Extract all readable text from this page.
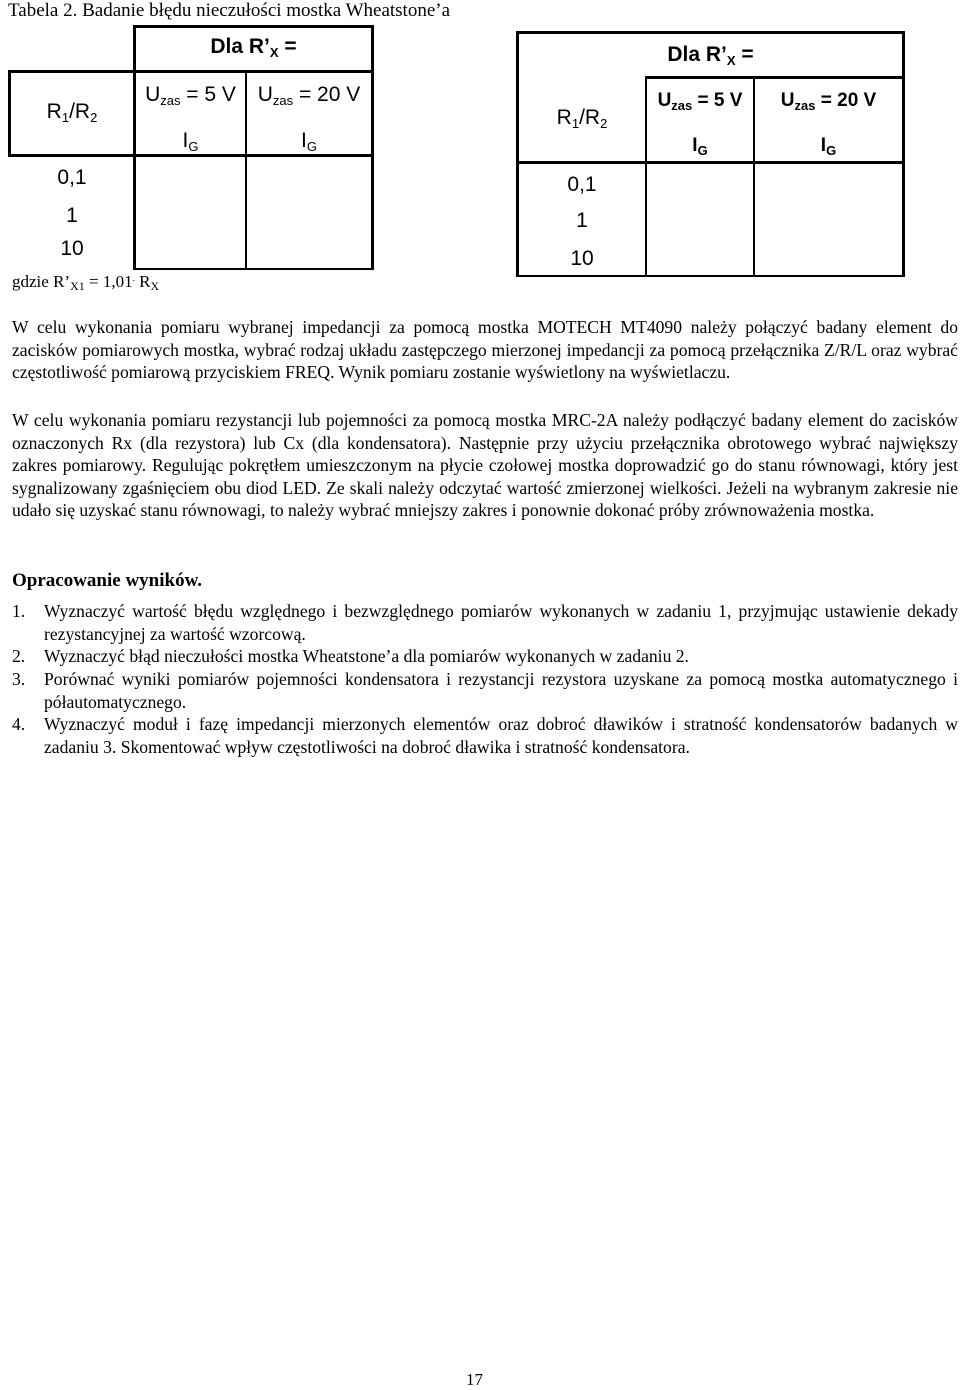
Tabela 2. Badanie błędu nieczułości mostka Wheatstone’a
Dla $R’_X$ =
$R_1/R_2$
$U_{zas} = 5$ V	$U_{zas} = 20$ V
$I_G$	$I_G$
0,1
1
10
gdzie $R’_{X1} = 1,01^.$ $R_X$
Dla $R’_X$ =
$R_1/R_2$
$U_{zas} = 5$ V	$U_{zas} = 20$ V
$I_G$	$I_G$
0,1
1
10

W celu wykonania pomiaru wybranej impedancji za pomocą mostka MOTECH MT4090 należy połączyć badany element do zacisków pomiarowych mostka, wybrać rodzaj układu zastępczego mierzonej impedancji za pomocą przełącznika Z/R/L oraz wybrać częstotliwość pomiarową przyciskiem FREQ. Wynik pomiaru zostanie wyświetlony na wyświetlaczu.

W celu wykonania pomiaru rezystancji lub pojemności za pomocą mostka MRC-2A należy podłączyć badany element do zacisków oznaczonych Rx (dla rezystora) lub Cx (dla kondensatora). Następnie przy użyciu przełącznika obrotowego wybrać największy zakres pomiarowy. Regulując pokrętłem umieszczonym na płycie czołowej mostka doprowadzić go do stanu równowagi, który jest sygnalizowany zgaśnięciem obu diod LED. Ze skali należy odczytać wartość zmierzonej wielkości. Jeżeli na wybranym zakresie nie udało się uzyskać stanu równowagi, to należy wybrać mniejszy zakres i ponownie dokonać próby zrównoważenia mostka.

Opracowanie wyników.
1. Wyznaczyć wartość błędu względnego i bezwzględnego pomiarów wykonanych w zadaniu 1, przyjmując ustawienie dekady rezystancyjnej za wartość wzorcową.
2. Wyznaczyć błąd nieczułości mostka Wheatstone’a dla pomiarów wykonanych w zadaniu 2.
3. Porównać wyniki pomiarów pojemności kondensatora i rezystancji rezystora uzyskane za pomocą mostka automatycznego i półautomatycznego.
4. Wyznaczyć moduł i fazę impedancji mierzonych elementów oraz dobroć dławików i stratność kondensatorów badanych w zadaniu 3. Skomentować wpływ częstotliwości na dobroć dławika i stratność kondensatora.
17
